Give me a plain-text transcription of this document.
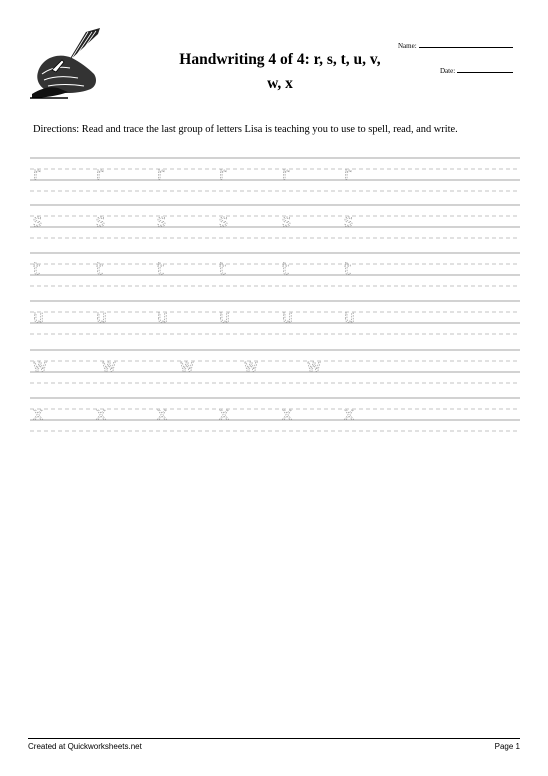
Handwriting 4 of 4: r, s, t, u, v,
w, x
Name:
Date:
Directions: Read and trace the last group of letters Lisa is teaching you to use to spell, read, and write.
r	r	r	r	r	r
s	s	s	s	s	s
t	t	t	t	t	t
u	u	u	u	u	u
w	w	w	w	w
x	x	x	x	x	x
Created at Quickworksheets.net	Page 1
